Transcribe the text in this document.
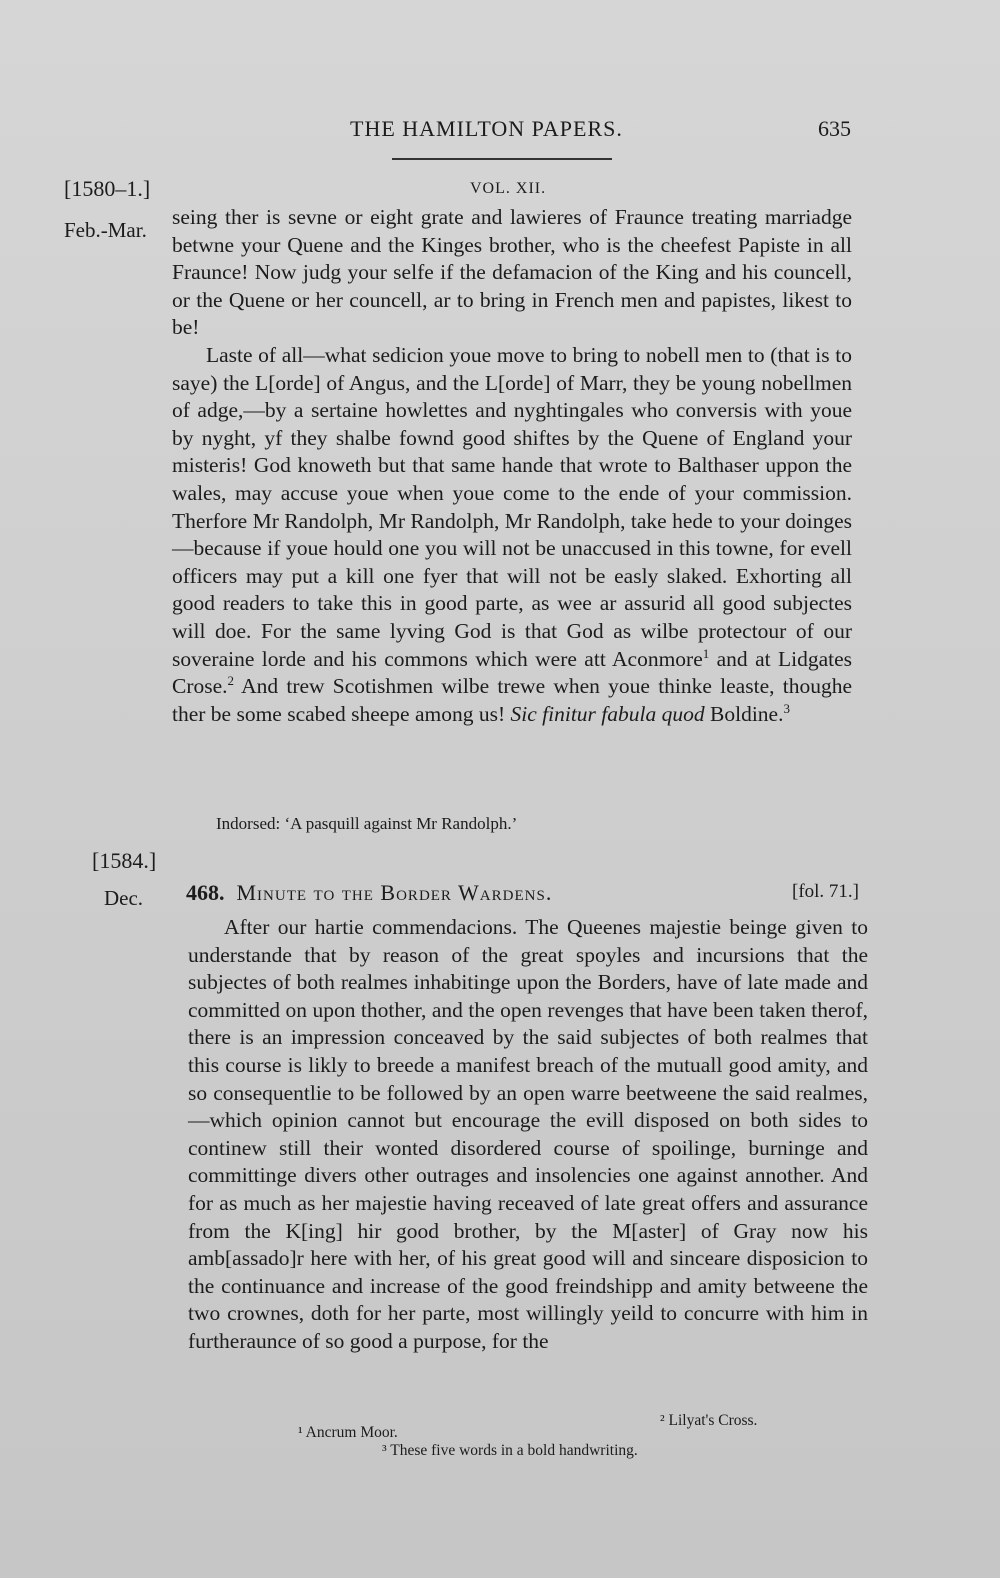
THE HAMILTON PAPERS.	635
[1580–1.]	VOL. XII.
Feb.-Mar.

seing ther is sevne or eight grate and lawieres of Fraunce treating marriadge betwne your Quene and the Kinges brother, who is the cheefest Papiste in all Fraunce! Now judg your selfe if the defamacion of the King and his councell, or the Quene or her councell, ar to bring in French men and papistes, likest to be!

Laste of all—what sedicion youe move to bring to nobell men to (that is to saye) the L[orde] of Angus, and the L[orde] of Marr, they be young nobellmen of adge,—by a sertaine howlettes and nyghtingales who conversis with youe by nyght, yf they shalbe fownd good shiftes by the Quene of England your misteris! God knoweth but that same hande that wrote to Balthaser uppon the wales, may accuse youe when youe come to the ende of your commission. Therfore Mr Randolph, Mr Randolph, Mr Randolph, take hede to your doinges—because if youe hould one you will not be unaccused in this towne, for evell officers may put a kill one fyer that will not be easly slaked. Exhorting all good readers to take this in good parte, as wee ar assurid all good subjectes will doe. For the same lyving God is that God as wilbe protectour of our soveraine lorde and his commons which were att Aconmore$^1$ and at Lidgates Crose.$^2$ And trew Scotishmen wilbe trewe when youe thinke leaste, thoughe ther be some scabed sheepe among us! Sic finitur fabula quod Boldine.$^3$

Indorsed: ‘A pasquill against Mr Randolph.’
[1584.]
Dec. 468. Minute to the Border Wardens.	[fol. 71.]

After our hartie commendacions. The Queenes majestie beinge given to understande that by reason of the great spoyles and incursions that the subjectes of both realmes inhabitinge upon the Borders, have of late made and committed on upon thother, and the open revenges that have been taken therof, there is an impression conceaved by the said subjectes of both realmes that this course is likly to breede a manifest breach of the mutuall good amity, and so consequentlie to be followed by an open warre beetweene the said realmes,—which opinion cannot but encourage the evill disposed on both sides to continew still their wonted disordered course of spoilinge, burninge and committinge divers other outrages and insolencies one against annother. And for as much as her majestie having receaved of late great offers and assurance from the K[ing] hir good brother, by the M[aster] of Gray now his amb[assado]r here with her, of his great good will and sinceare disposicion to the continuance and increase of the good freindshipp and amity betweene the two crownes, doth for her parte, most willingly yeild to concurre with him in furtheraunce of so good a purpose, for the

¹ Ancrum Moor.
² Lilyat's Cross.
³ These five words in a bold handwriting.
